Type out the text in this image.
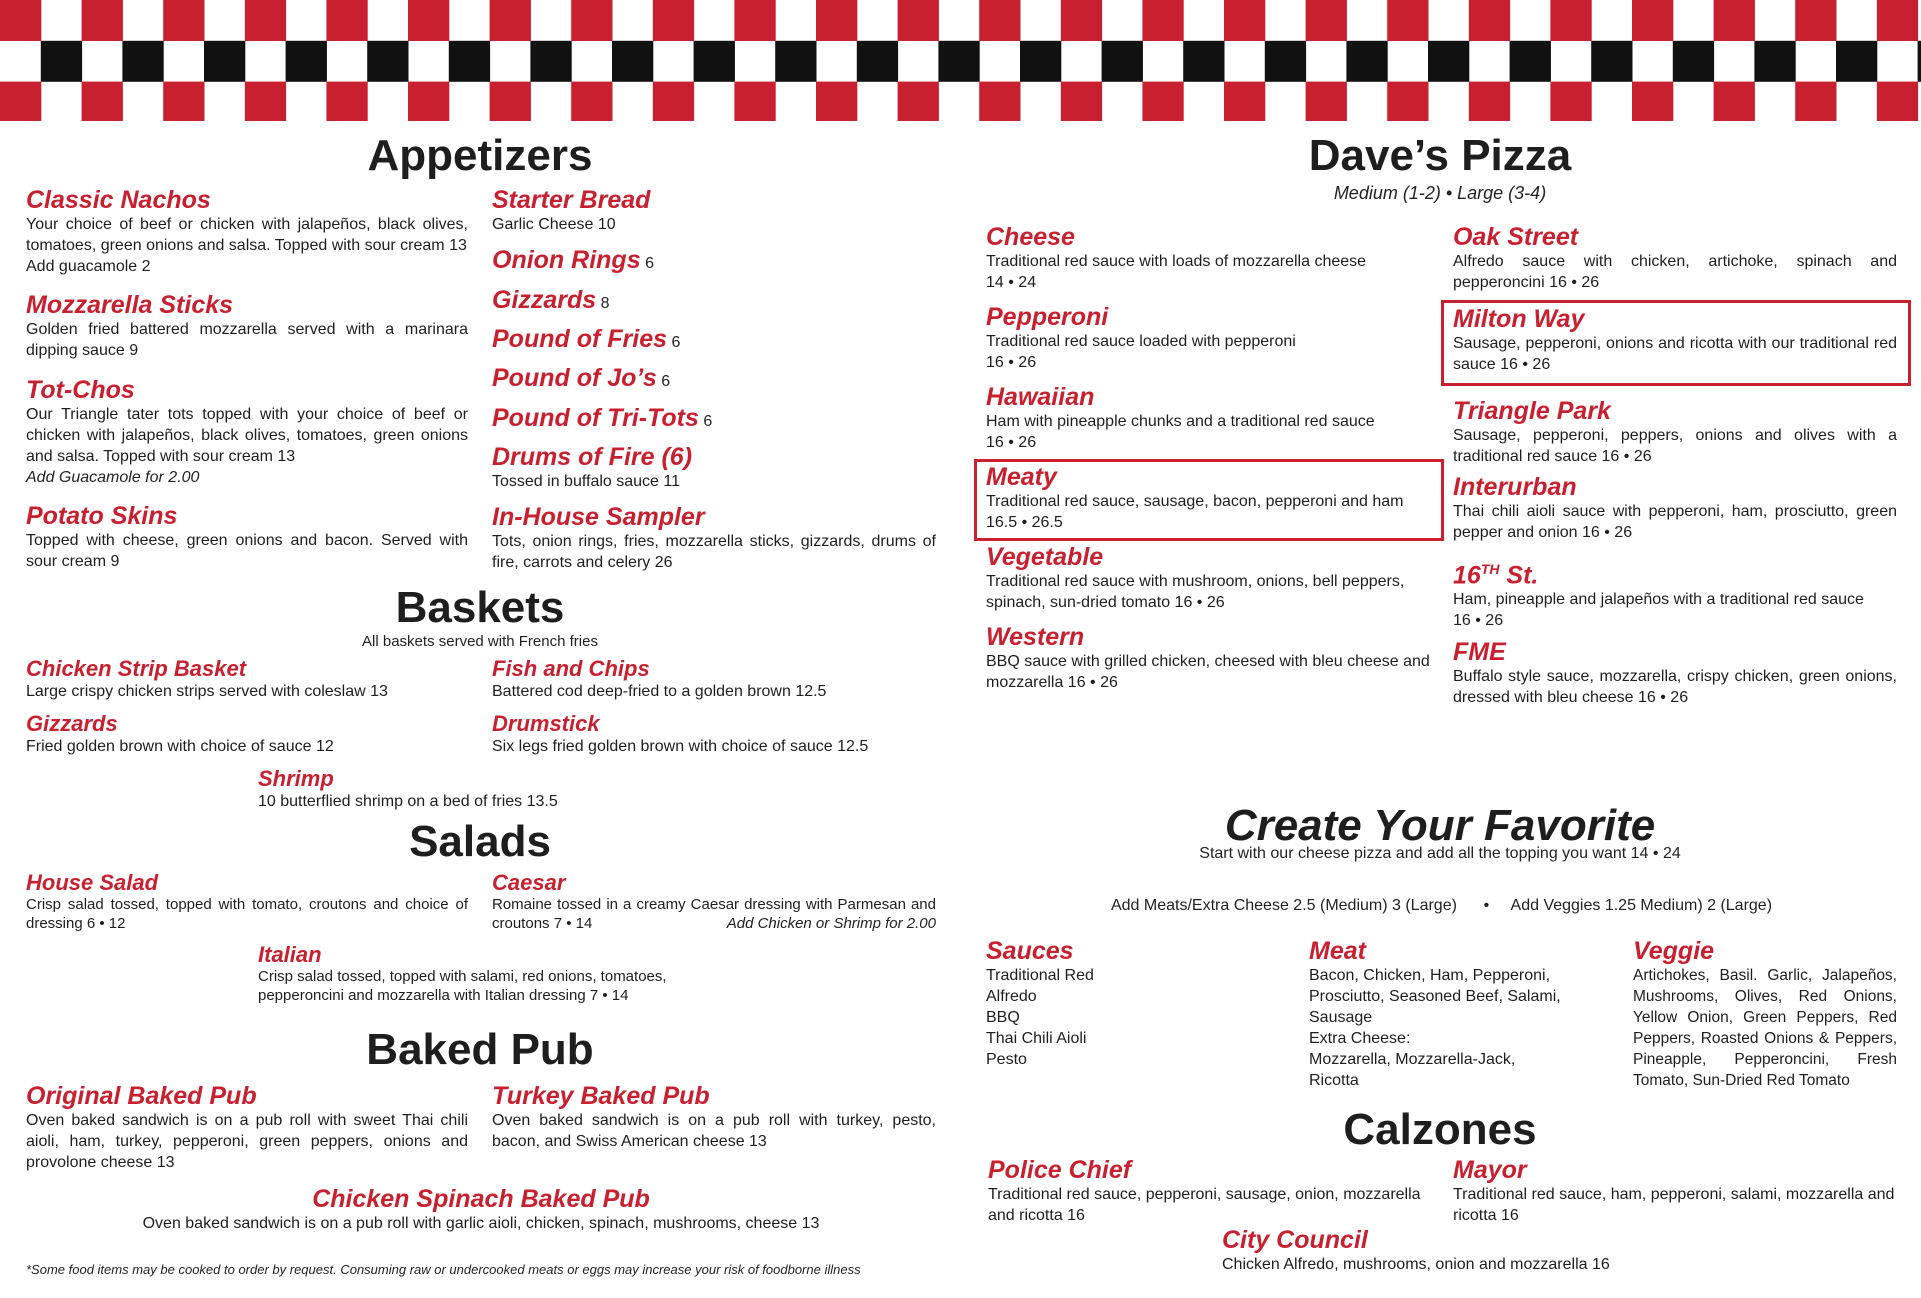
Appetizers
Classic Nachos
Your choice of beef or chicken with jalapeños, black olives, tomatoes, green onions and salsa. Topped with sour cream 13
Add guacamole 2
Mozzarella Sticks
Golden fried battered mozzarella served with a marinara dipping sauce 9
Tot-Chos
Our Triangle tater tots topped with your choice of beef or chicken with jalapeños, black olives, tomatoes, green onions and salsa. Topped with sour cream 13
Add Guacamole for 2.00
Potato Skins
Topped with cheese, green onions and bacon. Served with sour cream 9
Starter Bread
Garlic Cheese 10
Onion Rings 6
Gizzards 8
Pound of Fries 6
Pound of Jo’s 6
Pound of Tri-Tots 6
Drums of Fire (6)
Tossed in buffalo sauce 11
In-House Sampler
Tots, onion rings, fries, mozzarella sticks, gizzards, drums of fire, carrots and celery 26
Baskets
All baskets served with French fries
Chicken Strip Basket
Large crispy chicken strips served with coleslaw 13
Fish and Chips
Battered cod deep-fried to a golden brown 12.5
Gizzards
Fried golden brown with choice of sauce 12
Drumstick
Six legs fried golden brown with choice of sauce 12.5
Shrimp
10 butterflied shrimp on a bed of fries 13.5
Salads
House Salad
Crisp salad tossed, topped with tomato, croutons and choice of dressing 6 • 12
Caesar
Romaine tossed in a creamy Caesar dressing with Parmesan and croutons 7 • 14	Add Chicken or Shrimp for 2.00
Italian
Crisp salad tossed, topped with salami, red onions, tomatoes, pepperoncini and mozzarella with Italian dressing 7 • 14
Baked Pub
Original Baked Pub
Oven baked sandwich is on a pub roll with sweet Thai chili aioli, ham, turkey, pepperoni, green peppers, onions and provolone cheese 13
Turkey Baked Pub
Oven baked sandwich is on a pub roll with turkey, pesto, bacon, and Swiss American cheese 13
Chicken Spinach Baked Pub
Oven baked sandwich is on a pub roll with garlic aioli, chicken, spinach, mushrooms, cheese 13
*Some food items may be cooked to order by request. Consuming raw or undercooked meats or eggs may increase your risk of foodborne illness
Dave’s Pizza
Medium (1-2) • Large (3-4)
Cheese
Traditional red sauce with loads of mozzarella cheese
14 • 24
Pepperoni
Traditional red sauce loaded with pepperoni
16 • 26
Hawaiian
Ham with pineapple chunks and a traditional red sauce
16 • 26
Meaty
Traditional red sauce, sausage, bacon, pepperoni and ham
16.5 • 26.5
Vegetable
Traditional red sauce with mushroom, onions, bell peppers, spinach, sun-dried tomato 16 • 26
Western
BBQ sauce with grilled chicken, cheesed with bleu cheese and mozzarella 16 • 26
Oak Street
Alfredo sauce with chicken, artichoke, spinach and pepperoncini 16 • 26
Milton Way
Sausage, pepperoni, onions and ricotta with our traditional red sauce 16 • 26
Triangle Park
Sausage, pepperoni, peppers, onions and olives with a traditional red sauce 16 • 26
Interurban
Thai chili aioli sauce with pepperoni, ham, prosciutto, green pepper and onion 16 • 26
16TH St.
Ham, pineapple and jalapeños with a traditional red sauce
16 • 26
FME
Buffalo style sauce, mozzarella, crispy chicken, green onions, dressed with bleu cheese 16 • 26
Create Your Favorite
Start with our cheese pizza and add all the topping you want 14 • 24
Add Meats/Extra Cheese 2.5 (Medium) 3 (Large)      •     Add Veggies 1.25 Medium) 2 (Large)
Sauces
Traditional Red
Alfredo
BBQ
Thai Chili Aioli
Pesto
Meat
Bacon, Chicken, Ham, Pepperoni,
Prosciutto, Seasoned Beef, Salami,
Sausage
Extra Cheese:
Mozzarella, Mozzarella-Jack,
Ricotta
Veggie
Artichokes, Basil. Garlic, Jalapeños, Mushrooms, Olives, Red Onions, Yellow Onion, Green Peppers, Red Peppers, Roasted Onions & Peppers, Pineapple, Pepperoncini, Fresh Tomato, Sun-Dried Red Tomato
Calzones
Police Chief
Traditional red sauce, pepperoni, sausage, onion, mozzarella and ricotta 16
Mayor
Traditional red sauce, ham, pepperoni, salami, mozzarella and ricotta 16
City Council
Chicken Alfredo, mushrooms, onion and mozzarella 16
